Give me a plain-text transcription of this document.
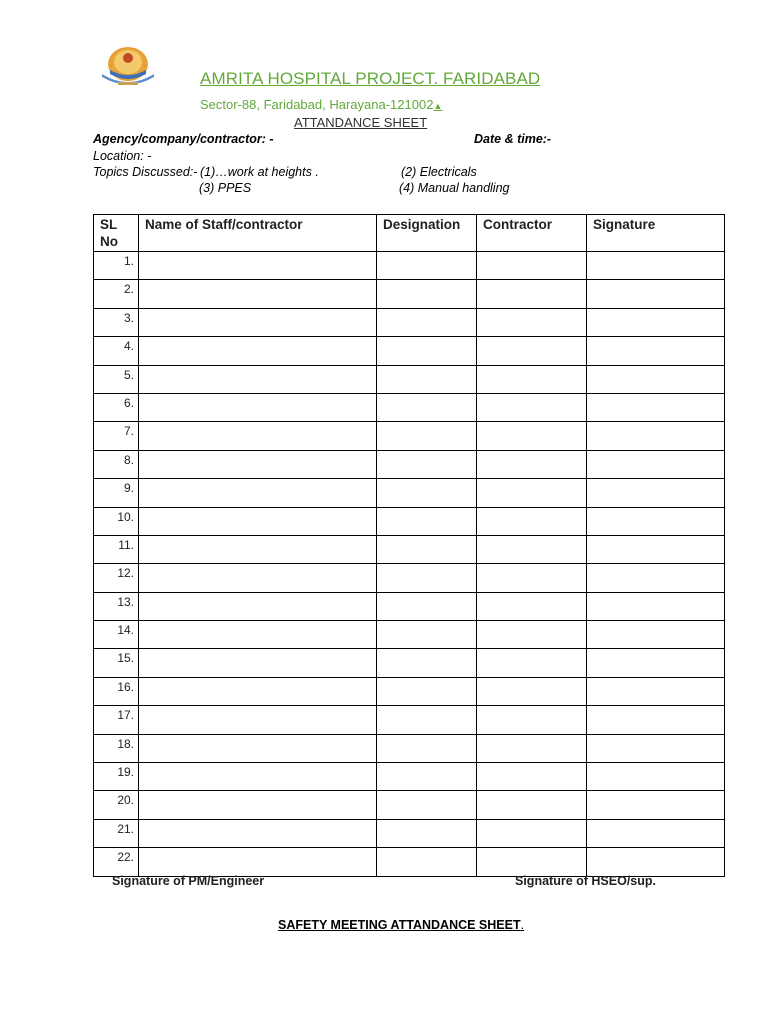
AMRITA HOSPITAL PROJECT. FARIDABAD
Sector-88, Faridabad, Harayana-121002▲
ATTANDANCE SHEET
Agency/company/contractor: -	Date & time:-
Location: -
Topics Discussed:- (1)…work at heights .	(2) Electricals
(3) PPES	(4) Manual handling
SL No	Name of Staff/contractor	Designation	Contractor	Signature
1.				
2.				
3.				
4.				
5.				
6.				
7.				
8.				
9.				
10.				
11.				
12.				
13.				
14.				
15.				
16.				
17.				
18.				
19.				
20.				
21.				
22.				
Signature of PM/Engineer	Signature of HSEO/sup.
SAFETY MEETING ATTANDANCE SHEET.
